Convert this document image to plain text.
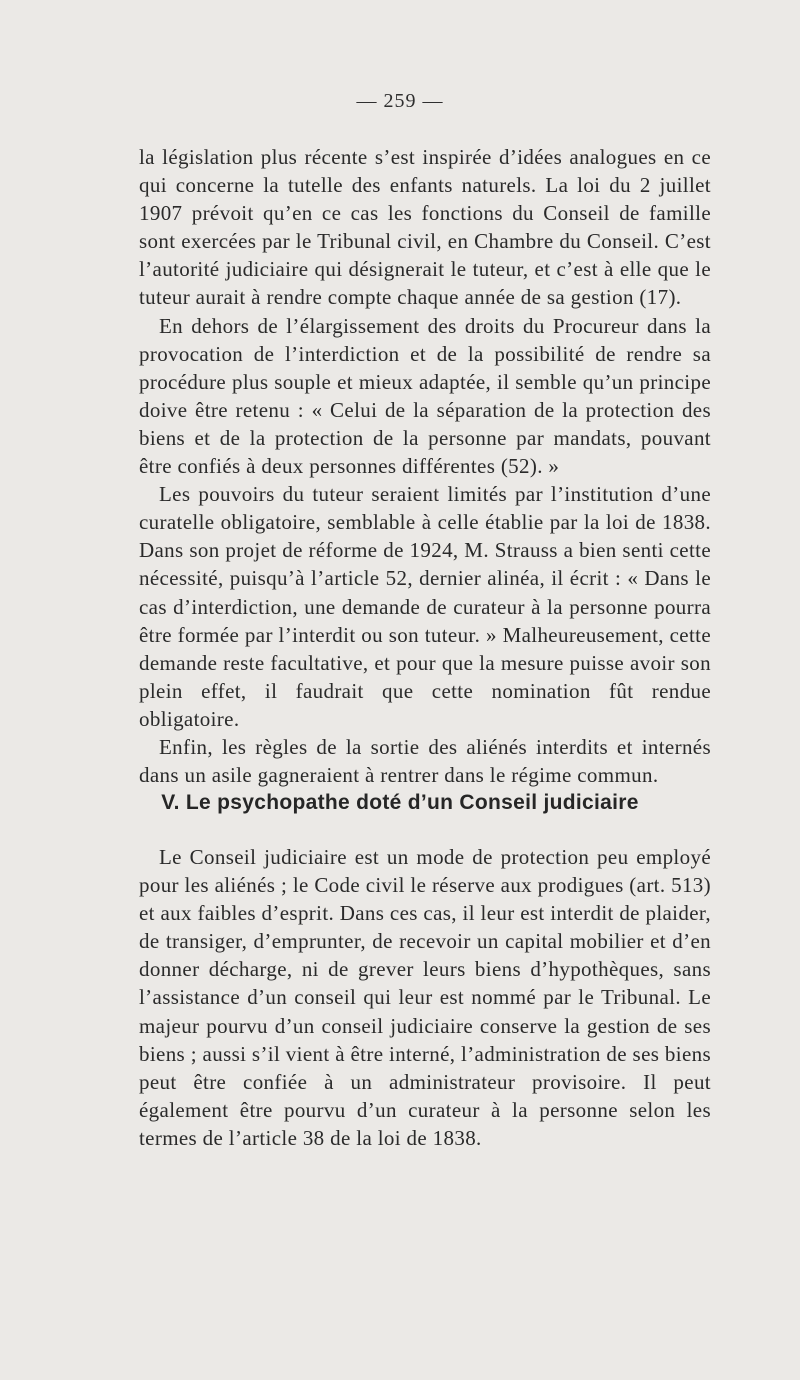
— 259 —

la législation plus récente s’est inspirée d’idées analogues en ce qui concerne la tutelle des enfants naturels. La loi du 2 juillet 1907 prévoit qu’en ce cas les fonctions du Conseil de famille sont exercées par le Tribunal civil, en Chambre du Conseil. C’est l’autorité judiciaire qui désignerait le tuteur, et c’est à elle que le tuteur aurait à rendre compte chaque année de sa gestion (17).

En dehors de l’élargissement des droits du Procureur dans la provocation de l’interdiction et de la possibilité de rendre sa procédure plus souple et mieux adaptée, il semble qu’un principe doive être retenu : « Celui de la séparation de la protection des biens et de la protection de la personne par mandats, pouvant être confiés à deux personnes différentes (52). »

Les pouvoirs du tuteur seraient limités par l’institution d’une curatelle obligatoire, semblable à celle établie par la loi de 1838. Dans son projet de réforme de 1924, M. Strauss a bien senti cette nécessité, puisqu’à l’article 52, dernier alinéa, il écrit : « Dans le cas d’interdiction, une demande de curateur à la personne pourra être formée par l’interdit ou son tuteur. » Malheureusement, cette demande reste facultative, et pour que la mesure puisse avoir son plein effet, il faudrait que cette nomination fût rendue obligatoire.

Enfin, les règles de la sortie des aliénés interdits et internés dans un asile gagneraient à rentrer dans le régime commun.

V. Le psychopathe doté d’un Conseil judiciaire

Le Conseil judiciaire est un mode de protection peu employé pour les aliénés ; le Code civil le réserve aux prodigues (art. 513) et aux faibles d’esprit. Dans ces cas, il leur est interdit de plaider, de transiger, d’emprunter, de recevoir un capital mobilier et d’en donner décharge, ni de grever leurs biens d’hypothèques, sans l’assistance d’un conseil qui leur est nommé par le Tribunal. Le majeur pourvu d’un conseil judiciaire conserve la gestion de ses biens ; aussi s’il vient à être interné, l’administration de ses biens peut être confiée à un administrateur provisoire. Il peut également être pourvu d’un curateur à la personne selon les termes de l’article 38 de la loi de 1838.
